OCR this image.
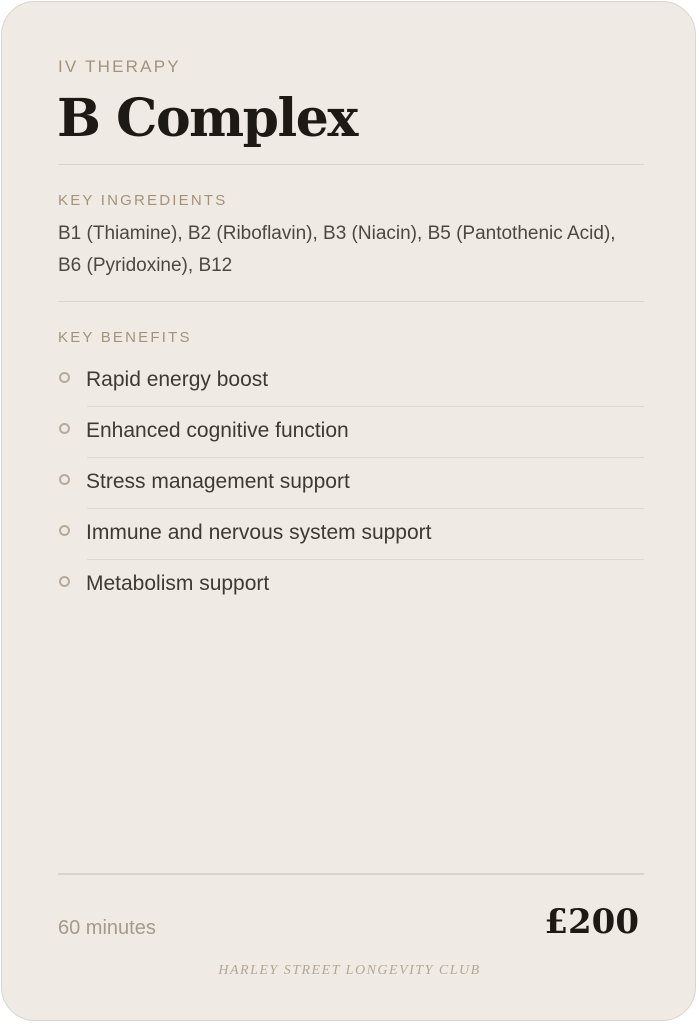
IV THERAPY
B Complex
KEY INGREDIENTS
B1 (Thiamine), B2 (Riboflavin), B3 (Niacin), B5 (Pantothenic Acid), B6 (Pyridoxine), B12
KEY BENEFITS
Rapid energy boost
Enhanced cognitive function
Stress management support
Immune and nervous system support
Metabolism support
60 minutes	£200
HARLEY STREET LONGEVITY CLUB
